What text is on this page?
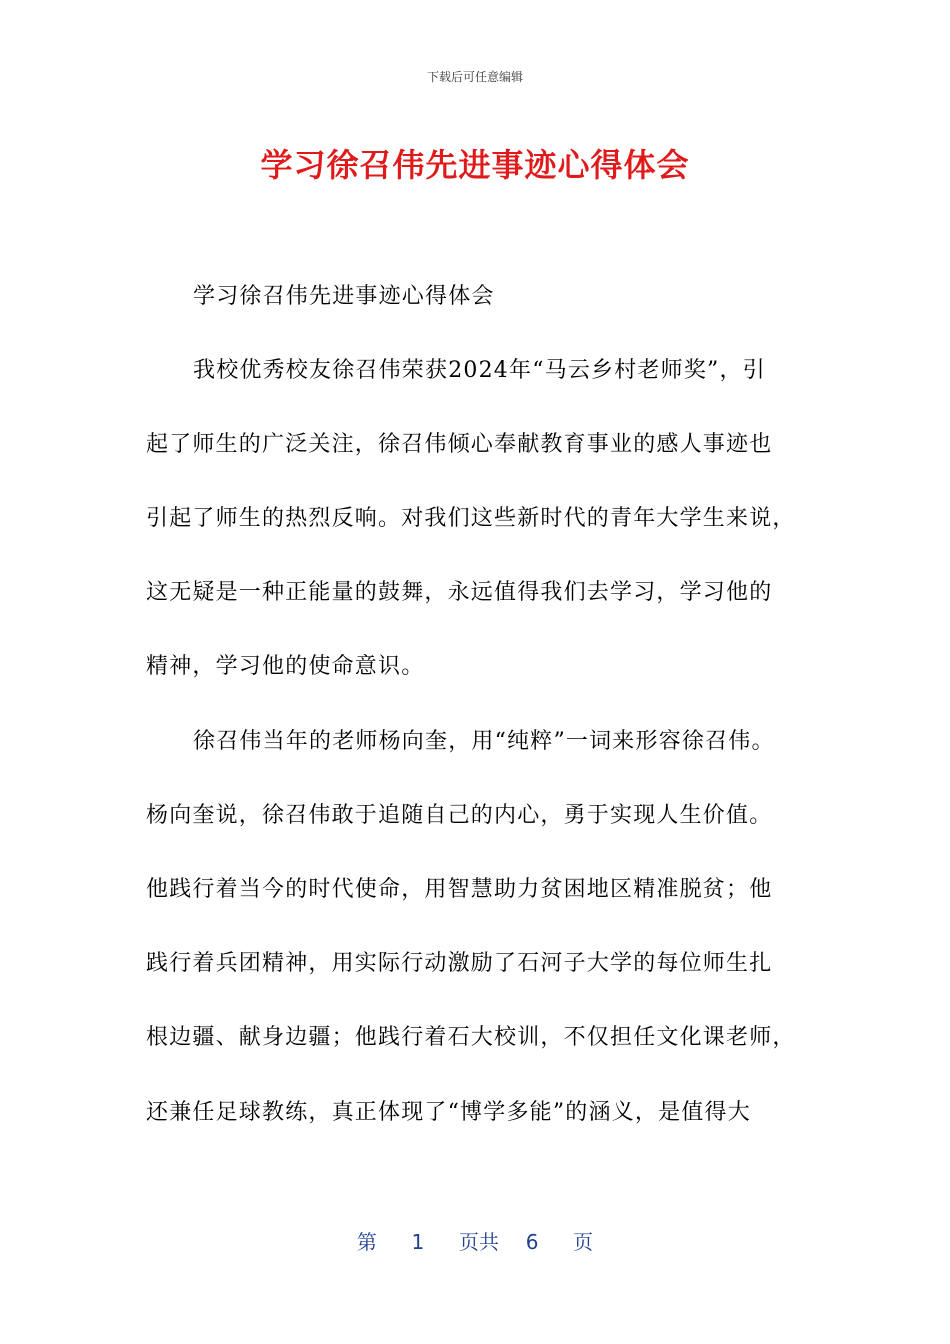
下载后可任意编辑
学习徐召伟先进事迹心得体会
学习徐召伟先进事迹心得体会
我校优秀校友徐召伟荣获2024年“马云乡村老师奖”，引
起了师生的广泛关注，徐召伟倾心奉献教育事业的感人事迹也
引起了师生的热烈反响。对我们这些新时代的青年大学生来说，
这无疑是一种正能量的鼓舞，永远值得我们去学习，学习他的
精神，学习他的使命意识。
徐召伟当年的老师杨向奎，用“纯粹”一词来形容徐召伟。
杨向奎说，徐召伟敢于追随自己的内心，勇于实现人生价值。
他践行着当今的时代使命，用智慧助力贫困地区精准脱贫；他
践行着兵团精神，用实际行动激励了石河子大学的每位师生扎
根边疆、献身边疆；他践行着石大校训，不仅担任文化课老师，
还兼任足球教练，真正体现了“博学多能”的涵义，是值得大
第 1 页共 6 页
